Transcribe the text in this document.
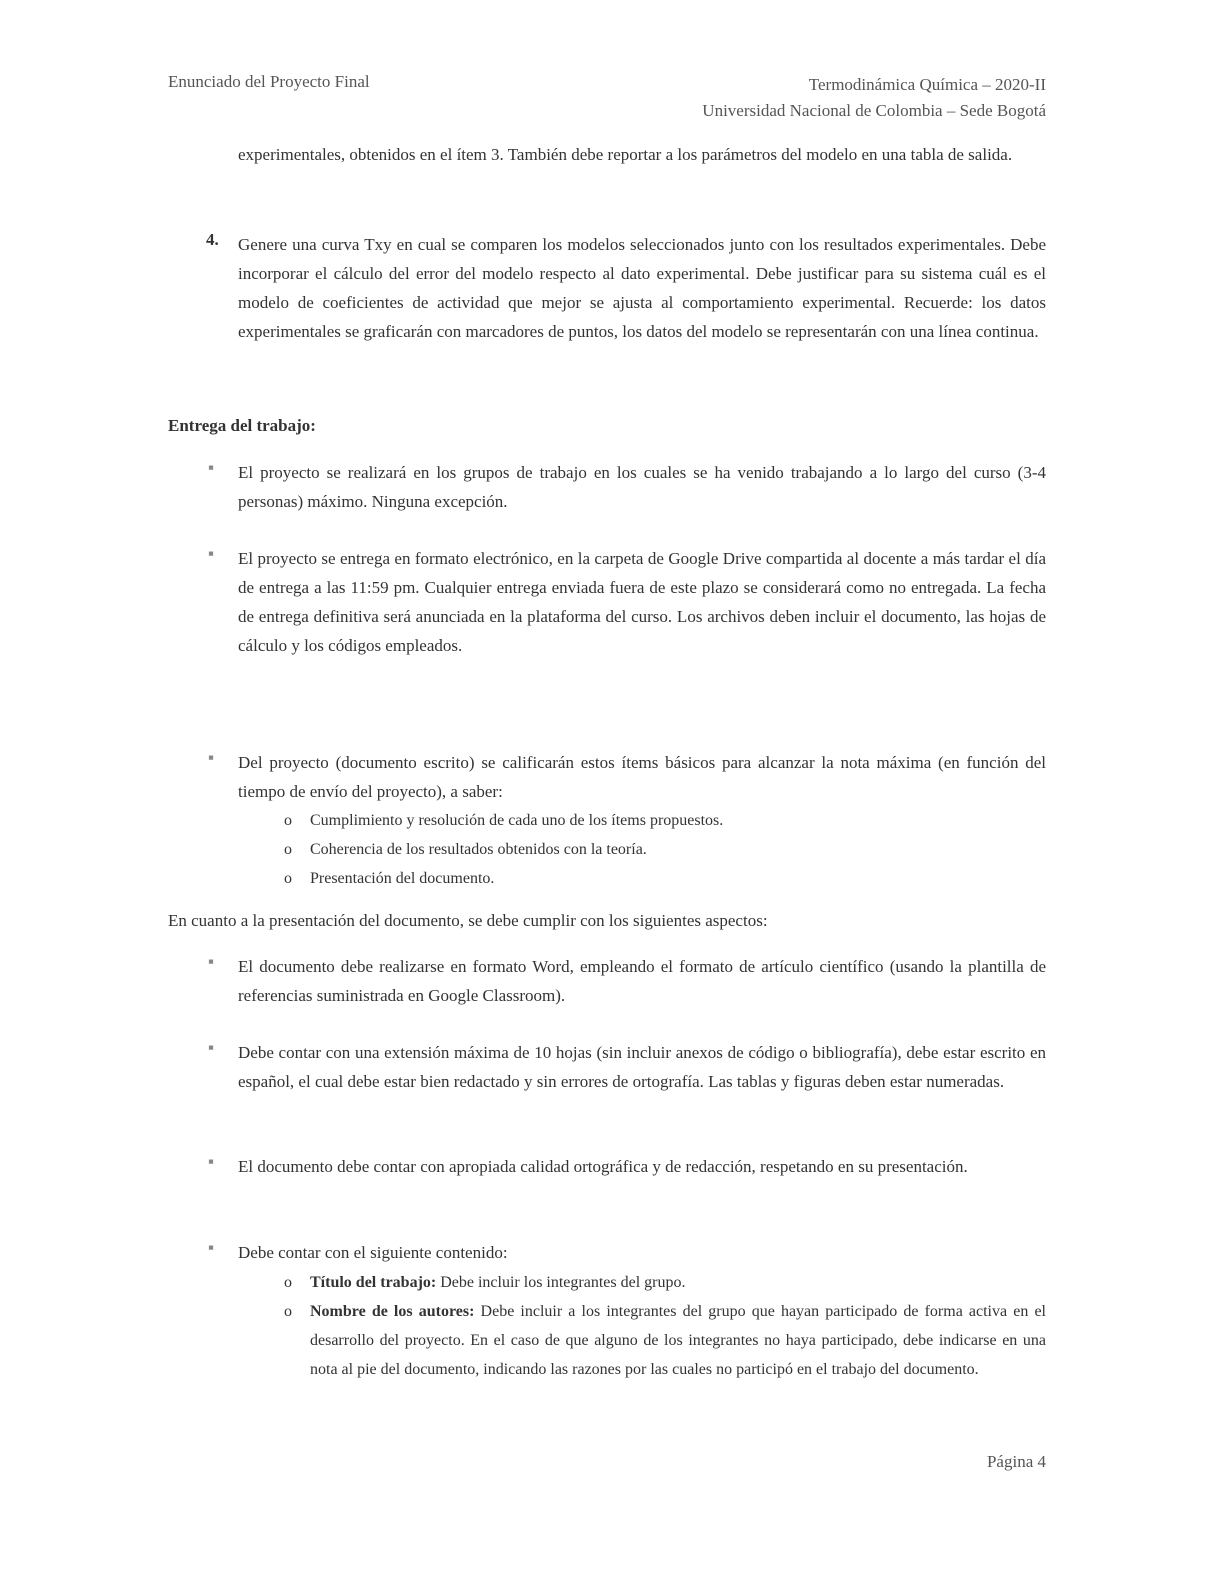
Enunciado del Proyecto Final	Termodinámica Química – 2020-II
Universidad Nacional de Colombia – Sede Bogotá
experimentales, obtenidos en el ítem 3. También debe reportar a los parámetros del modelo en una tabla de salida.
4. Genere una curva Txy en cual se comparen los modelos seleccionados junto con los resultados experimentales. Debe incorporar el cálculo del error del modelo respecto al dato experimental. Debe justificar para su sistema cuál es el modelo de coeficientes de actividad que mejor se ajusta al comportamiento experimental. Recuerde: los datos experimentales se graficarán con marcadores de puntos, los datos del modelo se representarán con una línea continua.
Entrega del trabajo:
▪ El proyecto se realizará en los grupos de trabajo en los cuales se ha venido trabajando a lo largo del curso (3-4 personas) máximo. Ninguna excepción.
▪ El proyecto se entrega en formato electrónico, en la carpeta de Google Drive compartida al docente a más tardar el día de entrega a las 11:59 pm. Cualquier entrega enviada fuera de este plazo se considerará como no entregada. La fecha de entrega definitiva será anunciada en la plataforma del curso. Los archivos deben incluir el documento, las hojas de cálculo y los códigos empleados.
▪ Del proyecto (documento escrito) se calificarán estos ítems básicos para alcanzar la nota máxima (en función del tiempo de envío del proyecto), a saber:
o Cumplimiento y resolución de cada uno de los ítems propuestos.
o Coherencia de los resultados obtenidos con la teoría.
o Presentación del documento.
En cuanto a la presentación del documento, se debe cumplir con los siguientes aspectos:
▪ El documento debe realizarse en formato Word, empleando el formato de artículo científico (usando la plantilla de referencias suministrada en Google Classroom).
▪ Debe contar con una extensión máxima de 10 hojas (sin incluir anexos de código o bibliografía), debe estar escrito en español, el cual debe estar bien redactado y sin errores de ortografía. Las tablas y figuras deben estar numeradas.
▪ El documento debe contar con apropiada calidad ortográfica y de redacción, respetando en su presentación.
▪ Debe contar con el siguiente contenido:
o Título del trabajo: Debe incluir los integrantes del grupo.
o Nombre de los autores: Debe incluir a los integrantes del grupo que hayan participado de forma activa en el desarrollo del proyecto. En el caso de que alguno de los integrantes no haya participado, debe indicarse en una nota al pie del documento, indicando las razones por las cuales no participó en el trabajo del documento.
Página 4
